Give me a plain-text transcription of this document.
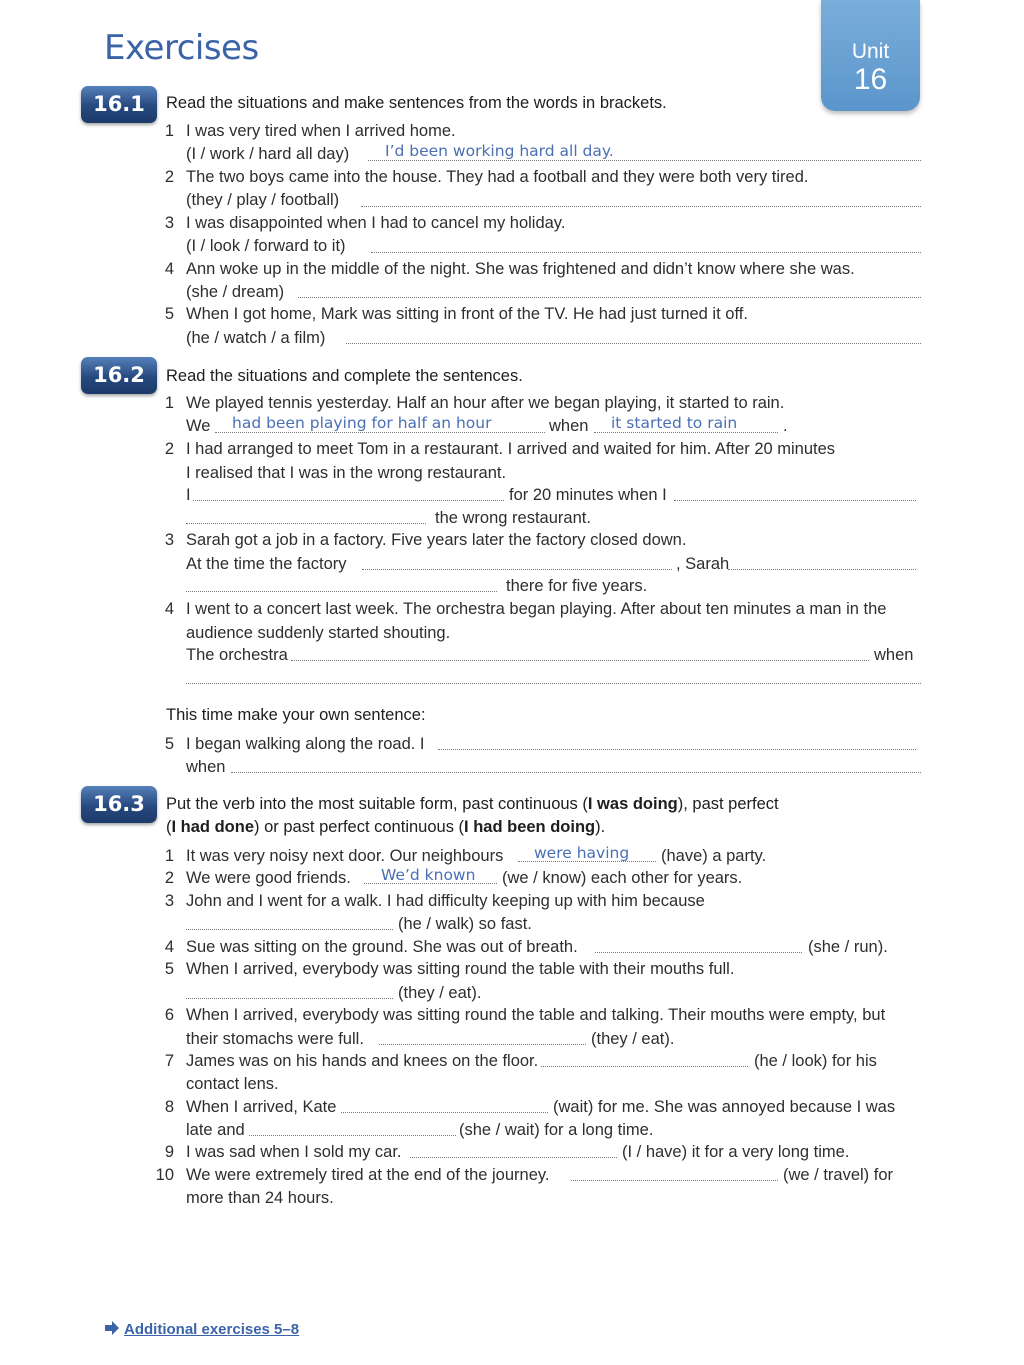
Exercises	Unit
16
16.1	Read the situations and make sentences from the words in brackets.
1 I was very tired when I arrived home.
(I / work / hard all day) I’d been working hard all day.
2 The two boys came into the house. They had a football and they were both very tired.
(they / play / football)
3 I was disappointed when I had to cancel my holiday.
(I / look / forward to it)
4 Ann woke up in the middle of the night. She was frightened and didn’t know where she was.
(she / dream)
5 When I got home, Mark was sitting in front of the TV. He had just turned it off.
(he / watch / a film)
16.2	Read the situations and complete the sentences.
1 We played tennis yesterday. Half an hour after we began playing, it started to rain.
We had been playing for half an hour	when it started to rain	.
2 I had arranged to meet Tom in a restaurant. I arrived and waited for him. After 20 minutes
I realised that I was in the wrong restaurant.
I	for 20 minutes when I
the wrong restaurant.
3 Sarah got a job in a factory. Five years later the factory closed down.
At the time the factory	, Sarah
there for five years.
4 I went to a concert last week. The orchestra began playing. After about ten minutes a man in the
audience suddenly started shouting.
The orchestra	when
This time make your own sentence:
5 I began walking along the road. I
when
16.3	Put the verb into the most suitable form, past continuous (I was doing), past perfect
(I had done) or past perfect continuous (I had been doing).
1 It was very noisy next door. Our neighbours were having (have) a party.
2 We were good friends. We’d known (we / know) each other for years.
3 John and I went for a walk. I had difficulty keeping up with him because
(he / walk) so fast.
4 Sue was sitting on the ground. She was out of breath.	(she / run).
5 When I arrived, everybody was sitting round the table with their mouths full.
(they / eat).
6 When I arrived, everybody was sitting round the table and talking. Their mouths were empty, but
their stomachs were full.	(they / eat).
7 James was on his hands and knees on the floor.	(he / look) for his
contact lens.
8 When I arrived, Kate	(wait) for me. She was annoyed because I was
late and	(she / wait) for a long time.
9 I was sad when I sold my car.	(I / have) it for a very long time.
10 We were extremely tired at the end of the journey.	(we / travel) for
more than 24 hours.
Additional exercises 5–8
